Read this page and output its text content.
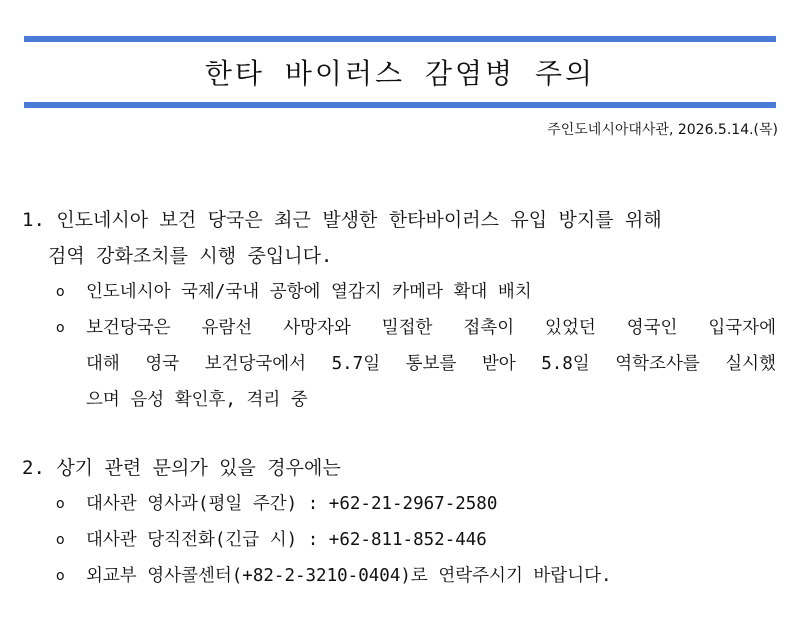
한타 바이러스 감염병 주의
주인도네시아대사관, 2026.5.14.(목)
1. 인도네시아 보건 당국은 최근 발생한 한타바이러스 유입 방지를 위해
검역 강화조치를 시행 중입니다.
o 인도네시아 국제/국내 공항에 열감지 카메라 확대 배치
o 보건당국은 유람선 사망자와 밀접한 접촉이 있었던 영국인 입국자에
대해 영국 보건당국에서 5.7일 통보를 받아 5.8일 역학조사를 실시했
으며 음성 확인후, 격리 중
2. 상기 관련 문의가 있을 경우에는
o 대사관 영사과(평일 주간) : +62-21-2967-2580
o 대사관 당직전화(긴급 시) : +62-811-852-446
o 외교부 영사콜센터(+82-2-3210-0404)로 연락주시기 바랍니다.
